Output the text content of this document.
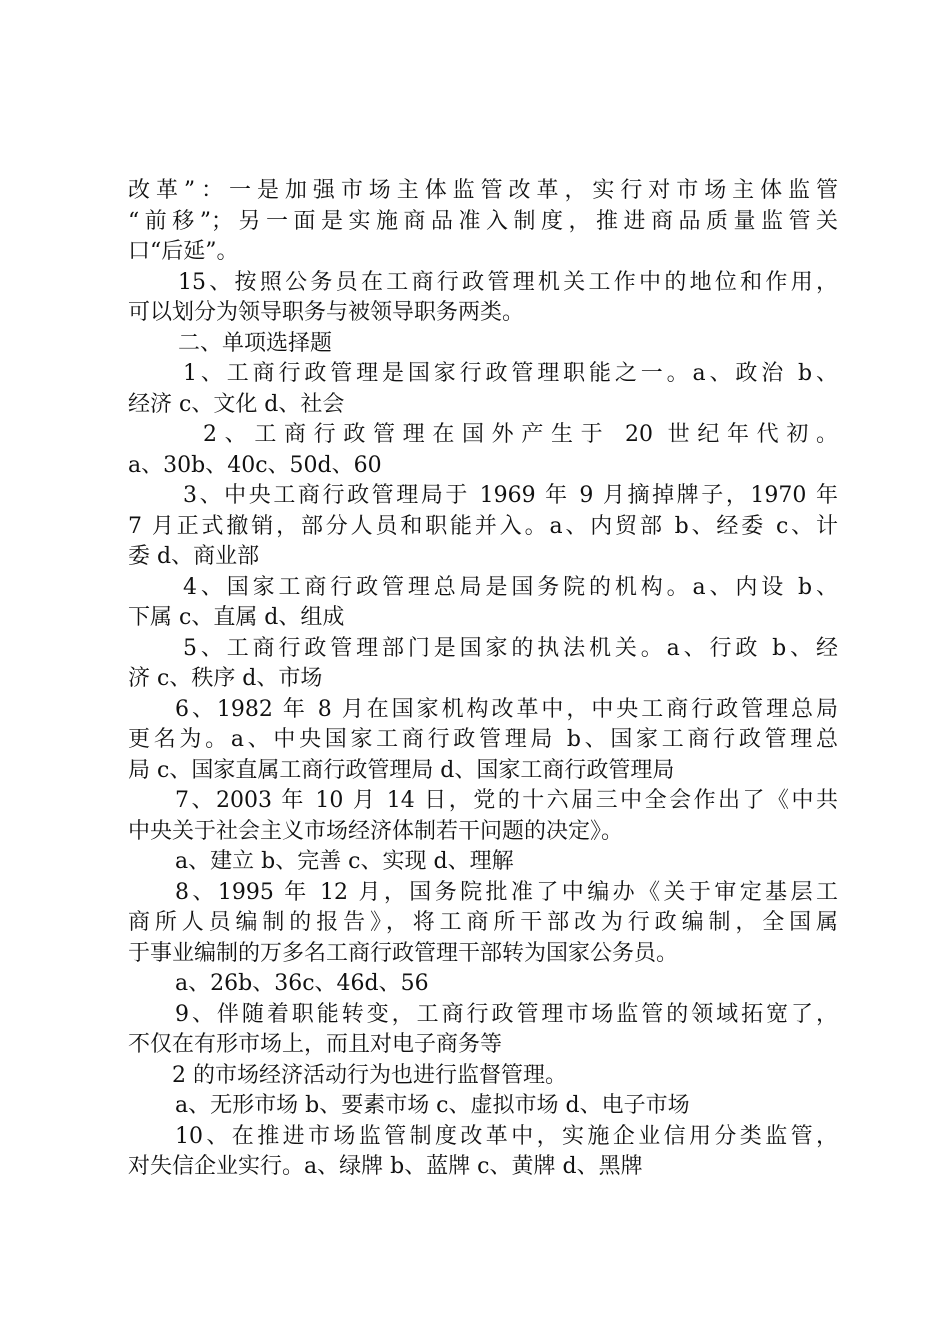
改革”：一是加强市场主体监管改革，实行对市场主体监管
“前移”；另一面是实施商品准入制度，推进商品质量监管关
口“后延”。
15、按照公务员在工商行政管理机关工作中的地位和作用，
可以划分为领导职务与被领导职务两类。
二、单项选择题
1、工商行政管理是国家行政管理职能之一。a、政治 b、
经济 c、文化 d、社会
2、工商行政管理在国外产生于 20 世纪年代初。
a、30b、40c、50d、60
3、中央工商行政管理局于 1969 年 9 月摘掉牌子，1970 年
7 月正式撤销，部分人员和职能并入。a、内贸部 b、经委 c、计
委 d、商业部
4、国家工商行政管理总局是国务院的机构。a、内设 b、
下属 c、直属 d、组成
5、工商行政管理部门是国家的执法机关。a、行政 b、经
济 c、秩序 d、市场
6、1982 年 8 月在国家机构改革中，中央工商行政管理总局
更名为。a、中央国家工商行政管理局 b、国家工商行政管理总
局 c、国家直属工商行政管理局 d、国家工商行政管理局
7、2003 年 10 月 14 日，党的十六届三中全会作出了《中共
中央关于社会主义市场经济体制若干问题的决定》。
a、建立 b、完善 c、实现 d、理解
8、1995 年 12 月，国务院批准了中编办《关于审定基层工
商所人员编制的报告》，将工商所干部改为行政编制，全国属
于事业编制的万多名工商行政管理干部转为国家公务员。
a、26b、36c、46d、56
9、伴随着职能转变，工商行政管理市场监管的领域拓宽了，
不仅在有形市场上，而且对电子商务等
2 的市场经济活动行为也进行监督管理。
a、无形市场 b、要素市场 c、虚拟市场 d、电子市场
10、在推进市场监管制度改革中，实施企业信用分类监管，
对失信企业实行。a、绿牌 b、蓝牌 c、黄牌 d、黑牌
